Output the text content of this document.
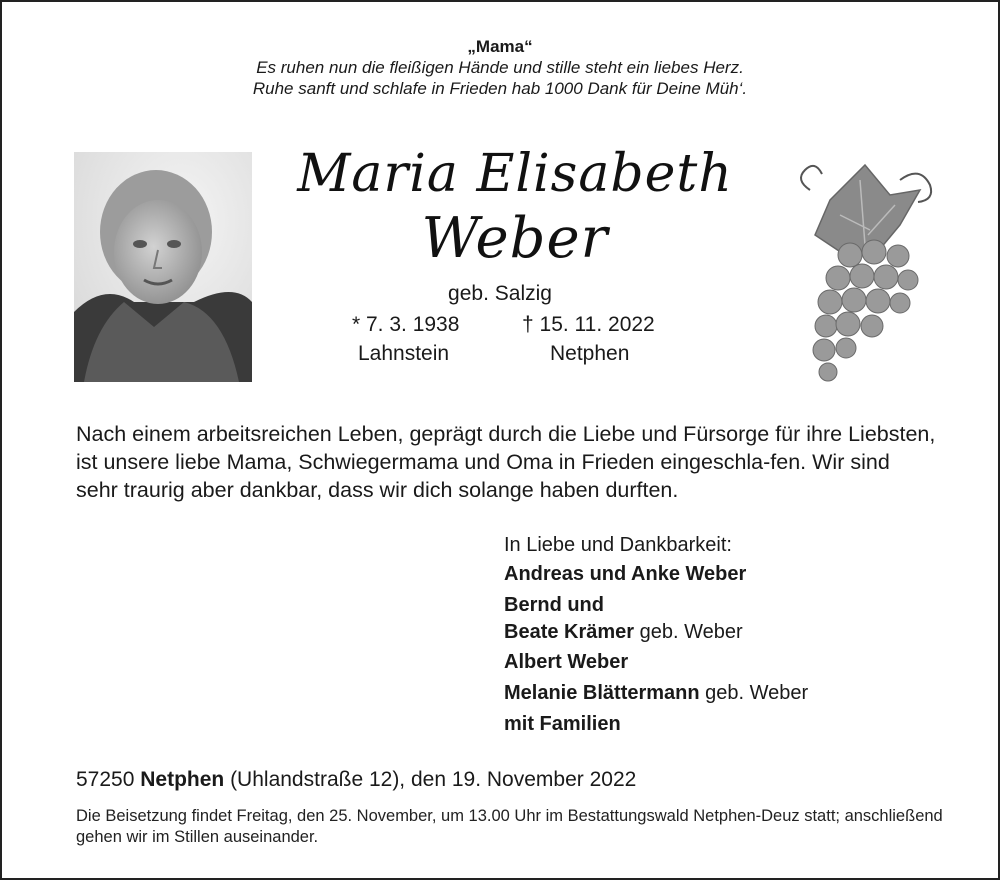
„Mama“
Es ruhen nun die fleißigen Hände und stille steht ein liebes Herz.
Ruhe sanft und schlafe in Frieden hab 1000 Dank für Deine Müh‘.
Maria Elisabeth
Weber
geb. Salzig
* 7. 3. 1938	† 15. 11. 2022
Lahnstein	Netphen
Nach einem arbeitsreichen Leben, geprägt durch die Liebe und Fürsorge für ihre Liebsten, ist unsere liebe Mama, Schwiegermama und Oma in Frieden eingeschla-fen. Wir sind sehr traurig aber dankbar, dass wir dich solange haben durften.
In Liebe und Dankbarkeit:
Andreas und Anke Weber
Bernd und
Beate Krämer geb. Weber
Albert Weber
Melanie Blättermann geb. Weber
mit Familien
57250 Netphen (Uhlandstraße 12), den 19. November 2022
Die Beisetzung findet Freitag, den 25. November, um 13.00 Uhr im Bestattungswald Netphen-Deuz statt; anschließend gehen wir im Stillen auseinander.
